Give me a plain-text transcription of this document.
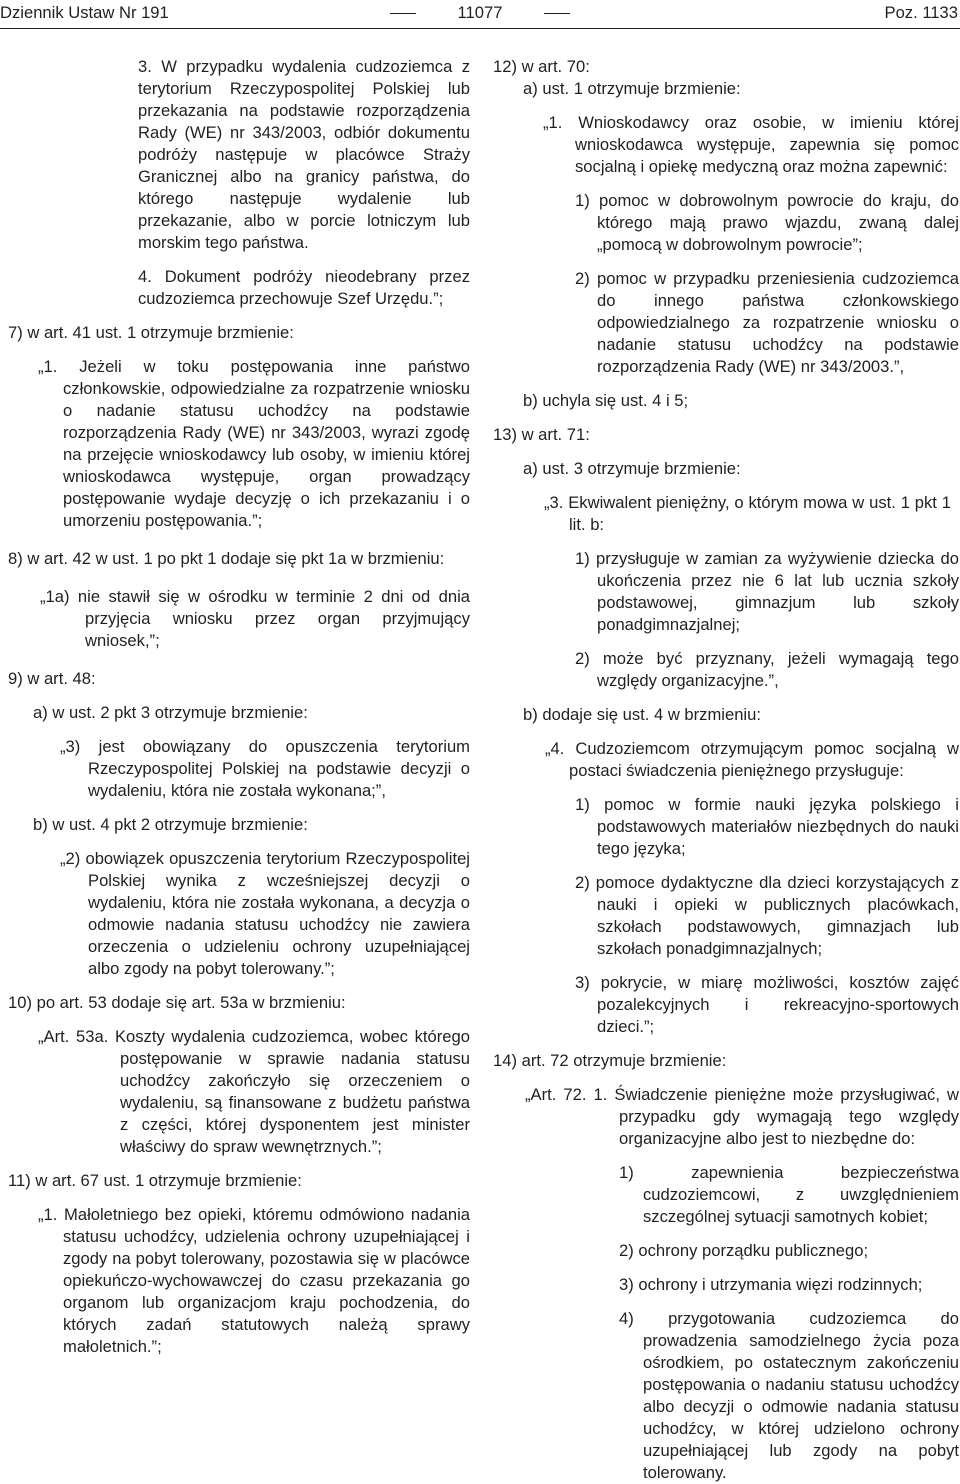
Dziennik Ustaw Nr 191	11077	Poz. 1133

3. W przypadku wydalenia cudzoziemca z terytorium Rzeczypospolitej Polskiej lub przekazania na podstawie rozporządzenia Rady (WE) nr 343/2003, odbiór dokumentu podróży następuje w placówce Straży Granicznej albo na granicy państwa, do którego następuje wydalenie lub przekazanie, albo w porcie lotniczym lub morskim tego państwa.

4. Dokument podróży nieodebrany przez cudzoziemca przechowuje Szef Urzędu.”;

7) w art. 41 ust. 1 otrzymuje brzmienie:

„1. Jeżeli w toku postępowania inne państwo członkowskie, odpowiedzialne za rozpatrzenie wniosku o nadanie statusu uchodźcy na podstawie rozporządzenia Rady (WE) nr 343/2003, wyrazi zgodę na przejęcie wnioskodawcy lub osoby, w imieniu której wnioskodawca występuje, organ prowadzący postępowanie wydaje decyzję o ich przekazaniu i o umorzeniu postępowania.”;

8) w art. 42 w ust. 1 po pkt 1 dodaje się pkt 1a w brzmieniu:

„1a) nie stawił się w ośrodku w terminie 2 dni od dnia przyjęcia wniosku przez organ przyjmujący wniosek,”;

9) w art. 48:

a) w ust. 2 pkt 3 otrzymuje brzmienie:

„3) jest obowiązany do opuszczenia terytorium Rzeczypospolitej Polskiej na podstawie decyzji o wydaleniu, która nie została wykonana;”,

b) w ust. 4 pkt 2 otrzymuje brzmienie:

„2) obowiązek opuszczenia terytorium Rzeczypospolitej Polskiej wynika z wcześniejszej decyzji o wydaleniu, która nie została wykonana, a decyzja o odmowie nadania statusu uchodźcy nie zawiera orzeczenia o udzieleniu ochrony uzupełniającej albo zgody na pobyt tolerowany.”;

10) po art. 53 dodaje się art. 53a w brzmieniu:

„Art. 53a. Koszty wydalenia cudzoziemca, wobec którego postępowanie w sprawie nadania statusu uchodźcy zakończyło się orzeczeniem o wydaleniu, są finansowane z budżetu państwa z części, której dysponentem jest minister właściwy do spraw wewnętrznych.”;

11) w art. 67 ust. 1 otrzymuje brzmienie:

„1. Małoletniego bez opieki, któremu odmówiono nadania statusu uchodźcy, udzielenia ochrony uzupełniającej i zgody na pobyt tolerowany, pozostawia się w placówce opiekuńczo-wychowawczej do czasu przekazania go organom lub organizacjom kraju pochodzenia, do których zadań statutowych należą sprawy małoletnich.”;

12) w art. 70:

a) ust. 1 otrzymuje brzmienie:

„1. Wnioskodawcy oraz osobie, w imieniu której wnioskodawca występuje, zapewnia się pomoc socjalną i opiekę medyczną oraz można zapewnić:

1) pomoc w dobrowolnym powrocie do kraju, do którego mają prawo wjazdu, zwaną dalej „pomocą w dobrowolnym powrocie”;

2) pomoc w przypadku przeniesienia cudzoziemca do innego państwa członkowskiego odpowiedzialnego za rozpatrzenie wniosku o nadanie statusu uchodźcy na podstawie rozporządzenia Rady (WE) nr 343/2003.”,

b) uchyla się ust. 4 i 5;

13) w art. 71:

a) ust. 3 otrzymuje brzmienie:

„3. Ekwiwalent pieniężny, o którym mowa w ust. 1 pkt 1 lit. b:

1) przysługuje w zamian za wyżywienie dziecka do ukończenia przez nie 6 lat lub ucznia szkoły podstawowej, gimnazjum lub szkoły ponadgimnazjalnej;

2) może być przyznany, jeżeli wymagają tego względy organizacyjne.”,

b) dodaje się ust. 4 w brzmieniu:

„4. Cudzoziemcom otrzymującym pomoc socjalną w postaci świadczenia pieniężnego przysługuje:

1) pomoc w formie nauki języka polskiego i podstawowych materiałów niezbędnych do nauki tego języka;

2) pomoce dydaktyczne dla dzieci korzystających z nauki i opieki w publicznych placówkach, szkołach podstawowych, gimnazjach lub szkołach ponadgimnazjalnych;

3) pokrycie, w miarę możliwości, kosztów zajęć pozalekcyjnych i rekreacyjno-sportowych dzieci.”;

14) art. 72 otrzymuje brzmienie:

„Art. 72. 1. Świadczenie pieniężne może przysługiwać, w przypadku gdy wymagają tego względy organizacyjne albo jest to niezbędne do:

1) zapewnienia bezpieczeństwa cudzoziemcowi, z uwzględnieniem szczególnej sytuacji samotnych kobiet;

2) ochrony porządku publicznego;

3) ochrony i utrzymania więzi rodzinnych;

4) przygotowania cudzoziemca do prowadzenia samodzielnego życia poza ośrodkiem, po ostatecznym zakończeniu postępowania o nadaniu statusu uchodźcy albo decyzji o odmowie nadania statusu uchodźcy, w której udzielono ochrony uzupełniającej lub zgody na pobyt tolerowany.
